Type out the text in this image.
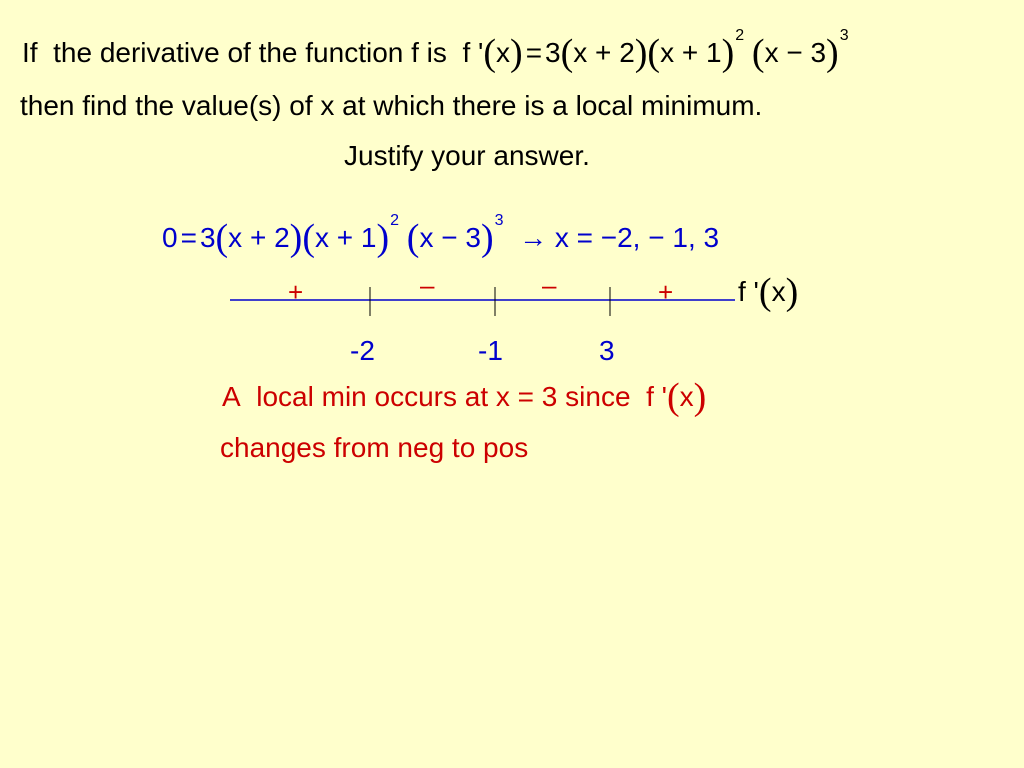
If the derivative of the function f is f '$(x) = 3(x + 2)(x + 1)^2$ $(x - 3)^3$
then find the value(s) of x at which there is a local minimum.
Justify your answer.
$0 = 3(x + 2)(x + 1)^2$ $(x - 3)^3 \to x = -2$, − 1, 3
+	–	–	+ f '(x)
-2	-1	3
A local min occurs at x = 3 since f '(x)
changes from neg to pos
